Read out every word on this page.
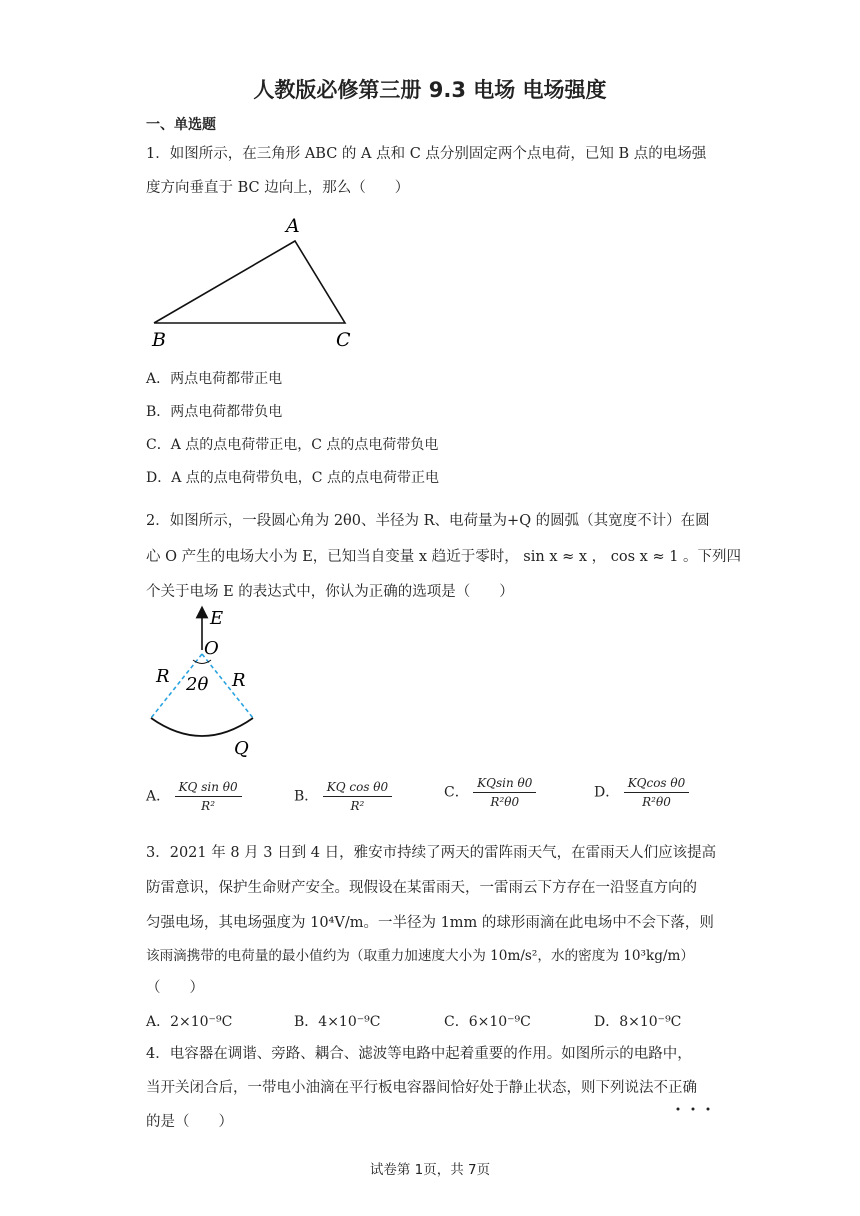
人教版必修第三册 9.3 电场 电场强度
一、单选题
1．如图所示，在三角形 ABC 的 A 点和 C 点分别固定两个点电荷，已知 B 点的电场强
度方向垂直于 BC 边向上，那么（　　）
A
B	C
A．两点电荷都带正电
B．两点电荷都带负电
C．A 点的点电荷带正电，C 点的点电荷带负电
D．A 点的点电荷带负电，C 点的点电荷带正电
2．如图所示，一段圆心角为 2θ0、半径为 R、电荷量为+Q 的圆弧（其宽度不计）在圆
心 O 产生的电场大小为 E，已知当自变量 x 趋近于零时， sin x ≈ x ， cos x ≈ 1 。下列四
个关于电场 E 的表达式中，你认为正确的选项是（　　）
E
O
R	R
2θ
Q
A． $\frac{\text{KQ sin θ0}}{\text{R²}}$	B． $\frac{\text{KQ cos θ0}}{\text{R²}}$	C． $\frac{\text{KQsin θ0}}{\text{R²θ0}}$	D． $\frac{\text{KQcos θ0}}{\text{R²θ0}}$
3．2021 年 8 月 3 日到 4 日，雅安市持续了两天的雷阵雨天气，在雷雨天人们应该提高
防雷意识，保护生命财产安全。现假设在某雷雨天，一雷雨云下方存在一沿竖直方向的
匀强电场，其电场强度为 10⁴V/m。一半径为 1mm 的球形雨滴在此电场中不会下落，则
该雨滴携带的电荷量的最小值约为（取重力加速度大小为 10m/s²，水的密度为 10³kg/m）
（　　）
A．2×10⁻⁹C	B．4×10⁻⁹C	C．6×10⁻⁹C	D．8×10⁻⁹C
4．电容器在调谐、旁路、耦合、滤波等电路中起着重要的作用。如图所示的电路中，
当开关闭合后，一带电小油滴在平行板电容器间恰好处于静止状态，则下列说法不正确
的是（　　）
试卷第 1页，共 7页
